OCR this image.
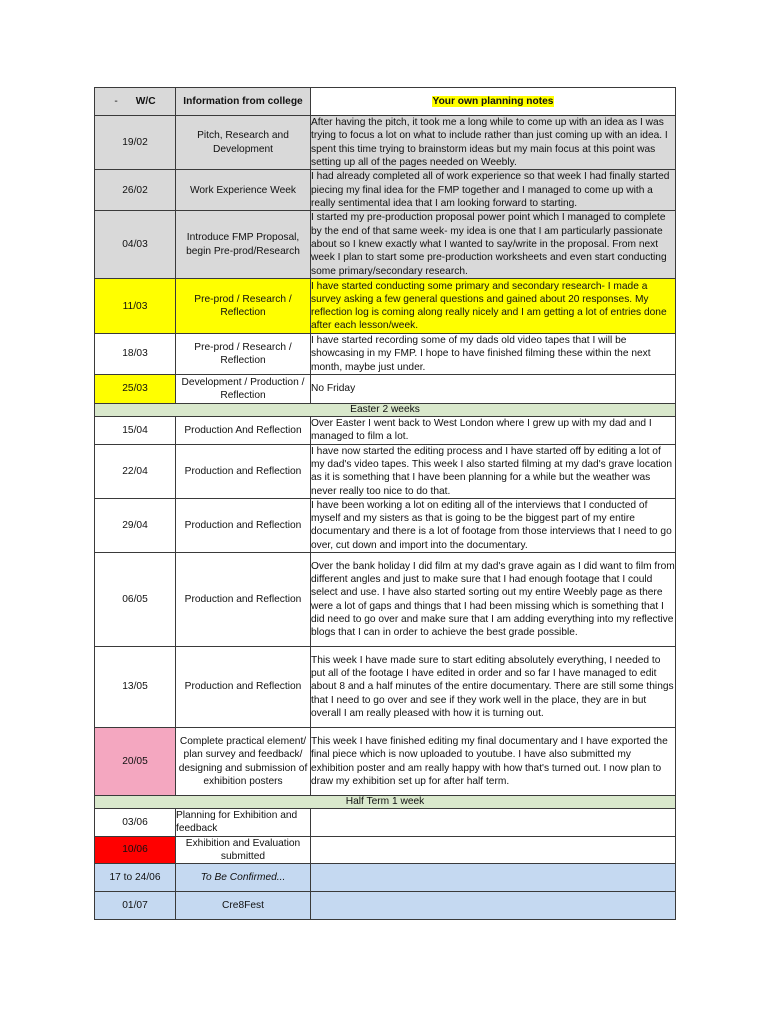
- W/C	Information from college	Your own planning notes
19/02	Pitch, Research and Development	After having the pitch, it took me a long while to come up with an idea as I was trying to focus a lot on what to include rather than just coming up with an idea. I spent this time trying to brainstorm ideas but my main focus at this point was setting up all of the pages needed on Weebly.
26/02	Work Experience Week	I had already completed all of work experience so that week I had finally started piecing my final idea for the FMP together and I managed to come up with a really sentimental idea that I am looking forward to starting.
04/03	Introduce FMP Proposal, begin Pre-prod/Research	I started my pre-production proposal power point which I managed to complete by the end of that same week- my idea is one that I am particularly passionate about so I knew exactly what I wanted to say/write in the proposal. From next week I plan to start some pre-production worksheets and even start conducting some primary/secondary research.
11/03	Pre-prod / Research / Reflection	I have started conducting some primary and secondary research- I made a survey asking a few general questions and gained about 20 responses. My reflection log is coming along really nicely and I am getting a lot of entries done after each lesson/week.
18/03	Pre-prod / Research / Reflection	I have started recording some of my dads old video tapes that I will be showcasing in my FMP. I hope to have finished filming these within the next month, maybe just under.
25/03	Development / Production / Reflection	No Friday
Easter 2 weeks		
15/04	Production And Reflection	Over Easter I went back to West London where I grew up with my dad and I managed to film a lot.
22/04	Production and Reflection	I have now started the editing process and I have started off by editing a lot of my dad's video tapes. This week I also started filming at my dad's grave location as it is something that I have been planning for a while but the weather was never really too nice to do that.
29/04	Production and Reflection	I have been working a lot on editing all of the interviews that I conducted of myself and my sisters as that is going to be the biggest part of my entire documentary and there is a lot of footage from those interviews that I need to go over, cut down and import into the documentary.
06/05	Production and Reflection	Over the bank holiday I did film at my dad's grave again as I did want to film from different angles and just to make sure that I had enough footage that I could select and use. I have also started sorting out my entire Weebly page as there were a lot of gaps and things that I had been missing which is something that I did need to go over and make sure that I am adding everything into my reflective blogs that I can in order to achieve the best grade possible.
13/05	Production and Reflection	This week I have made sure to start editing absolutely everything, I needed to put all of the footage I have edited in order and so far I have managed to edit about 8 and a half minutes of the entire documentary. There are still some things that I need to go over and see if they work well in the place, they are in but overall I am really pleased with how it is turning out.
20/05	Complete practical element/ plan survey and feedback/ designing and submission of exhibition posters	This week I have finished editing my final documentary and I have exported the final piece which is now uploaded to youtube. I have also submitted my exhibition poster and am really happy with how that's turned out. I now plan to draw my exhibition set up for after half term.
Half Term 1 week		
03/06	Planning for Exhibition and feedback	
10/06	Exhibition and Evaluation submitted	
17 to 24/06	To Be Confirmed...	
01/07	Cre8Fest	
